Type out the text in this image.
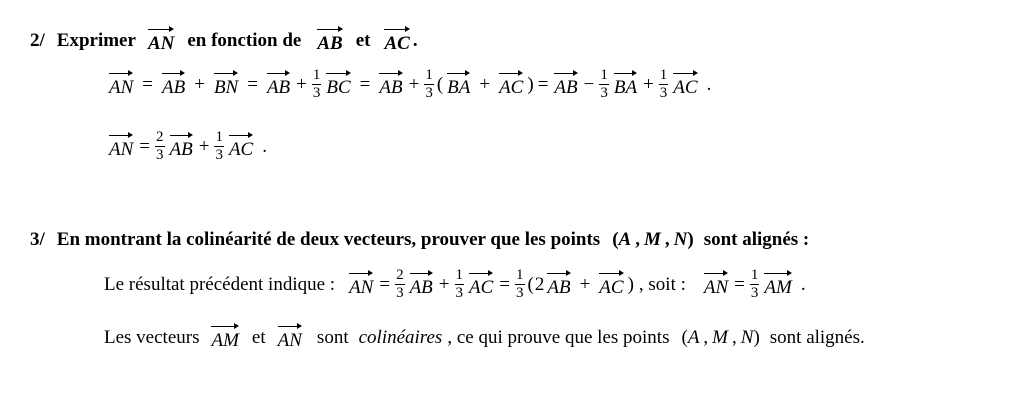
2/ Exprimer AN en fonction de AB et AC .
AN = AB + BN = AB + $\frac{1}{3}$ BC = AB + $\frac{1}{3}$ ( BA + AC ) = AB − $\frac{1}{3}$ BA + $\frac{1}{3}$ AC .
AN = $\frac{2}{3}$ AB + $\frac{1}{3}$ AC .
3/ En montrant la colinéarité de deux vecteurs, prouver que les points ( A , M , N ) sont alignés :
Le résultat précédent indique : AN = $\frac{2}{3}$ AB + $\frac{1}{3}$ AC = $\frac{1}{3}$ ( 2 AB + AC ) , soit : AN = $\frac{1}{3}$ AM .
Les vecteurs AM et AN sont colinéaires , ce qui prouve que les points ( A , M , N ) sont alignés.
